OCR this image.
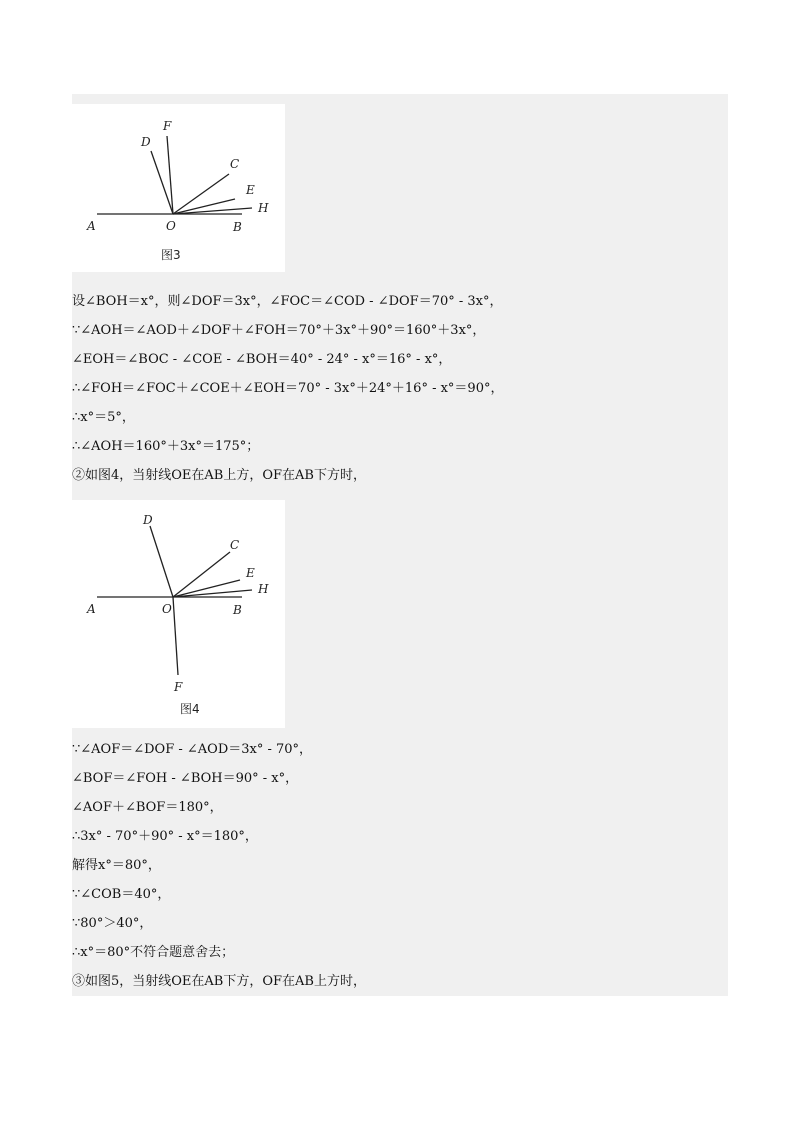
D
F
C
E
H
A	O	B
图3
设∠BOH＝x°，则∠DOF＝3x°，∠FOC＝∠COD - ∠DOF＝70° - 3x°，
∵∠AOH＝∠AOD＋∠DOF＋∠FOH＝70°＋3x°＋90°＝160°＋3x°，
∠EOH＝∠BOC - ∠COE - ∠BOH＝40° - 24° - x°＝16° - x°，
∴∠FOH＝∠FOC＋∠COE＋∠EOH＝70° - 3x°＋24°＋16° - x°＝90°，
∴x°＝5°，
∴∠AOH＝160°＋3x°＝175°；
②如图4，当射线OE在AB上方，OF在AB下方时，
D
C
E
H
A	O	B
F
图4
∵∠AOF＝∠DOF - ∠AOD＝3x° - 70°，
∠BOF＝∠FOH - ∠BOH＝90° - x°，
∠AOF＋∠BOF＝180°，
∴3x° - 70°＋90° - x°＝180°，
解得x°＝80°，
∵∠COB＝40°，
∵80°＞40°，
∴x°＝80°不符合题意舍去；
③如图5，当射线OE在AB下方，OF在AB上方时，
